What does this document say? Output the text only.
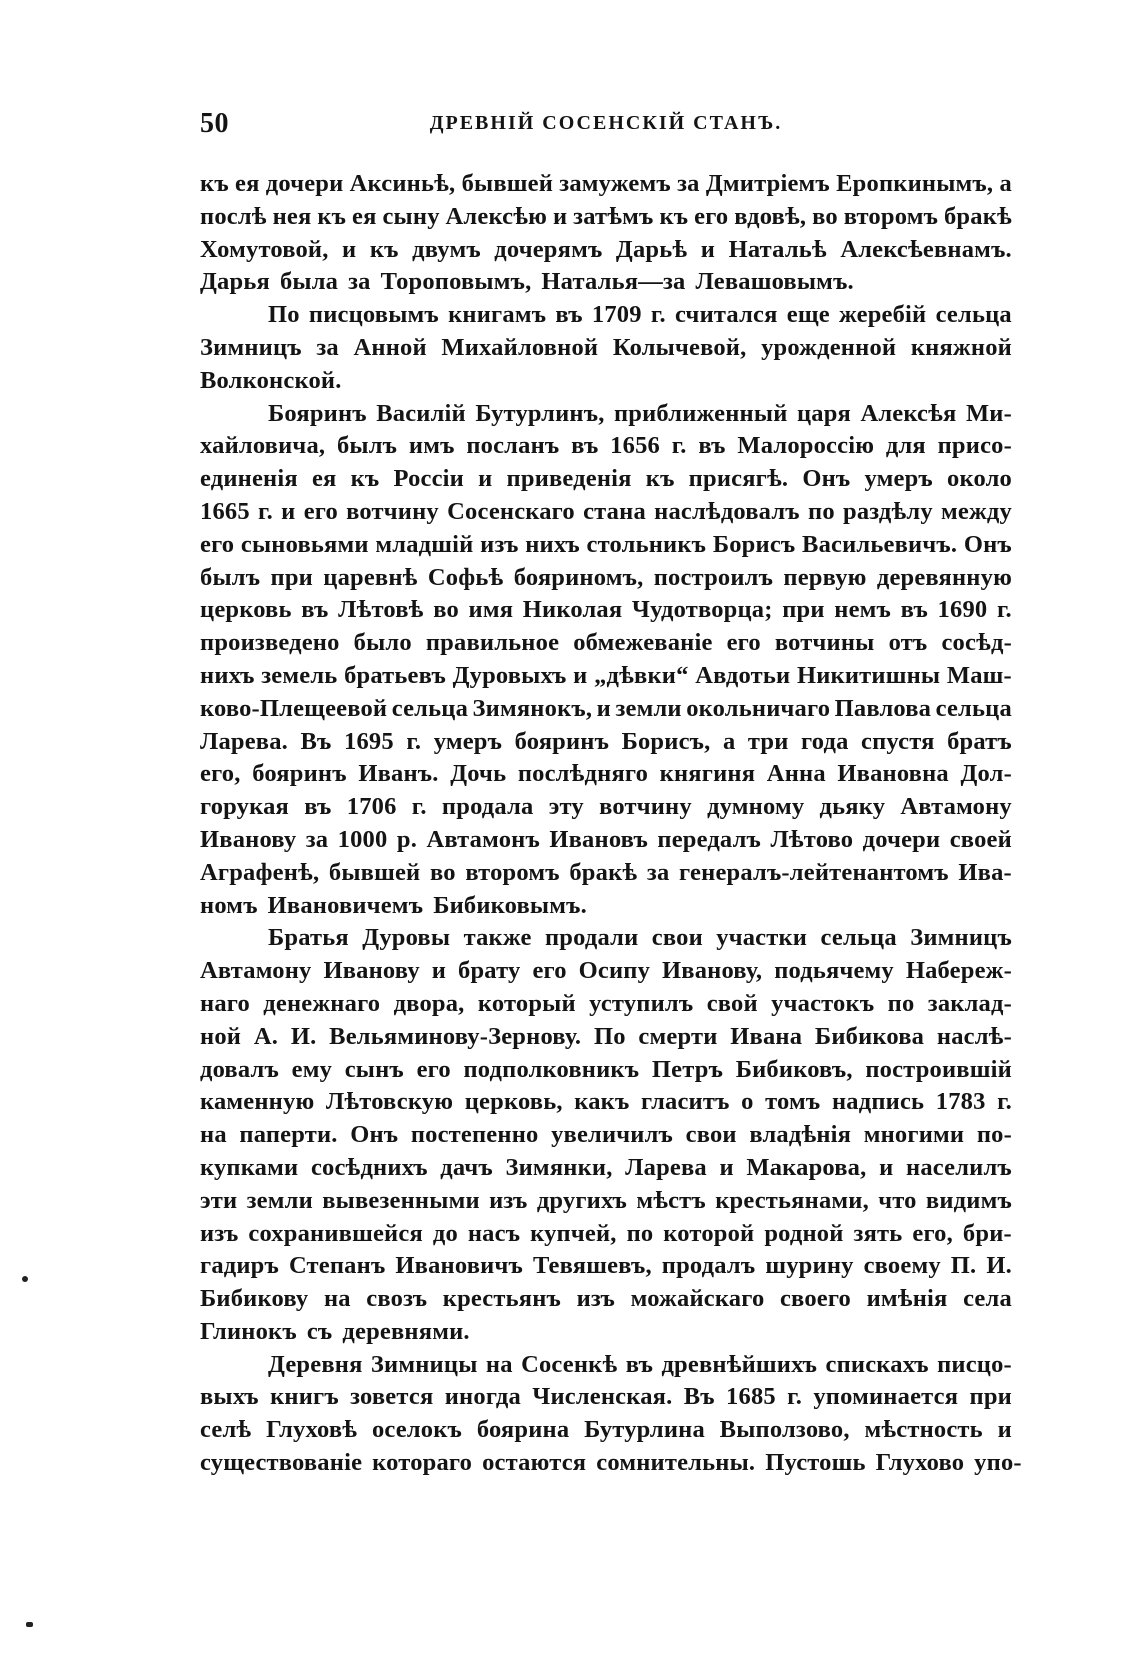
50	ДРЕВНІЙ СОСЕНСКІЙ СТАНЪ.
къ ея дочери Аксиньѣ, бывшей замужемъ за Дмитріемъ Еропкинымъ, а
послѣ нея къ ея сыну Алексѣю и затѣмъ къ его вдовѣ, во второмъ бракѣ
Хомутовой, и къ двумъ дочерямъ Дарьѣ и Натальѣ Алексѣевнамъ.
Дарья была за Тороповымъ, Наталья—за Левашовымъ.
По писцовымъ книгамъ въ 1709 г. считался еще жеребій сельца
Зимницъ за Анной Михайловной Колычевой, урожденной княжной
Волконской.
Бояринъ Василій Бутурлинъ, приближенный царя Алексѣя Ми-
хайловича, былъ имъ посланъ въ 1656 г. въ Малороссію для присо-
единенія ея къ Россіи и приведенія къ присягѣ. Онъ умеръ около
1665 г. и его вотчину Сосенскаго стана наслѣдовалъ по раздѣлу между
его сыновьями младшій изъ нихъ стольникъ Борисъ Васильевичъ. Онъ
былъ при царевнѣ Софьѣ бояриномъ, построилъ первую деревянную
церковь въ Лѣтовѣ во имя Николая Чудотворца; при немъ въ 1690 г.
произведено было правильное обмежеваніе его вотчины отъ сосѣд-
нихъ земель братьевъ Дуровыхъ и „дѣвки“ Авдотьи Никитишны Маш-
ково-Плещеевой сельца Зимянокъ, и земли окольничаго Павлова сельца
Ларева. Въ 1695 г. умеръ бояринъ Борисъ, а три года спустя братъ
его, бояринъ Иванъ. Дочь послѣдняго княгиня Анна Ивановна Дол-
горукая въ 1706 г. продала эту вотчину думному дьяку Автамону
Иванову за 1000 р. Автамонъ Ивановъ передалъ Лѣтово дочери своей
Аграфенѣ, бывшей во второмъ бракѣ за генералъ-лейтенантомъ Ива-
номъ Ивановичемъ Бибиковымъ.
Братья Дуровы также продали свои участки сельца Зимницъ
Автамону Иванову и брату его Осипу Иванову, подьячему Набереж-
наго денежнаго двора, который уступилъ свой участокъ по заклад-
ной А. И. Вельяминову-Зернову. По смерти Ивана Бибикова наслѣ-
довалъ ему сынъ его подполковникъ Петръ Бибиковъ, построившій
каменную Лѣтовскую церковь, какъ гласитъ о томъ надпись 1783 г.
на паперти. Онъ постепенно увеличилъ свои владѣнія многими по-
купками сосѣднихъ дачъ Зимянки, Ларева и Макарова, и населилъ
эти земли вывезенными изъ другихъ мѣстъ крестьянами, что видимъ
изъ сохранившейся до насъ купчей, по которой родной зять его, бри-
гадиръ Степанъ Ивановичъ Тевяшевъ, продалъ шурину своему П. И.
Бибикову на своз‍ъ крестьянъ изъ можайскаго своего имѣнія села
Глинокъ съ деревнями.
Деревня Зимницы на Сосенкѣ въ древнѣйшихъ спискахъ писцо-
выхъ книгъ зовется иногда Численская. Въ 1685 г. упоминается при
селѣ Глуховѣ оселокъ боярина Бутурлина Выползово, мѣстность и
существованіе котораго остаются сомнительны. Пустошь Глухово упо-
